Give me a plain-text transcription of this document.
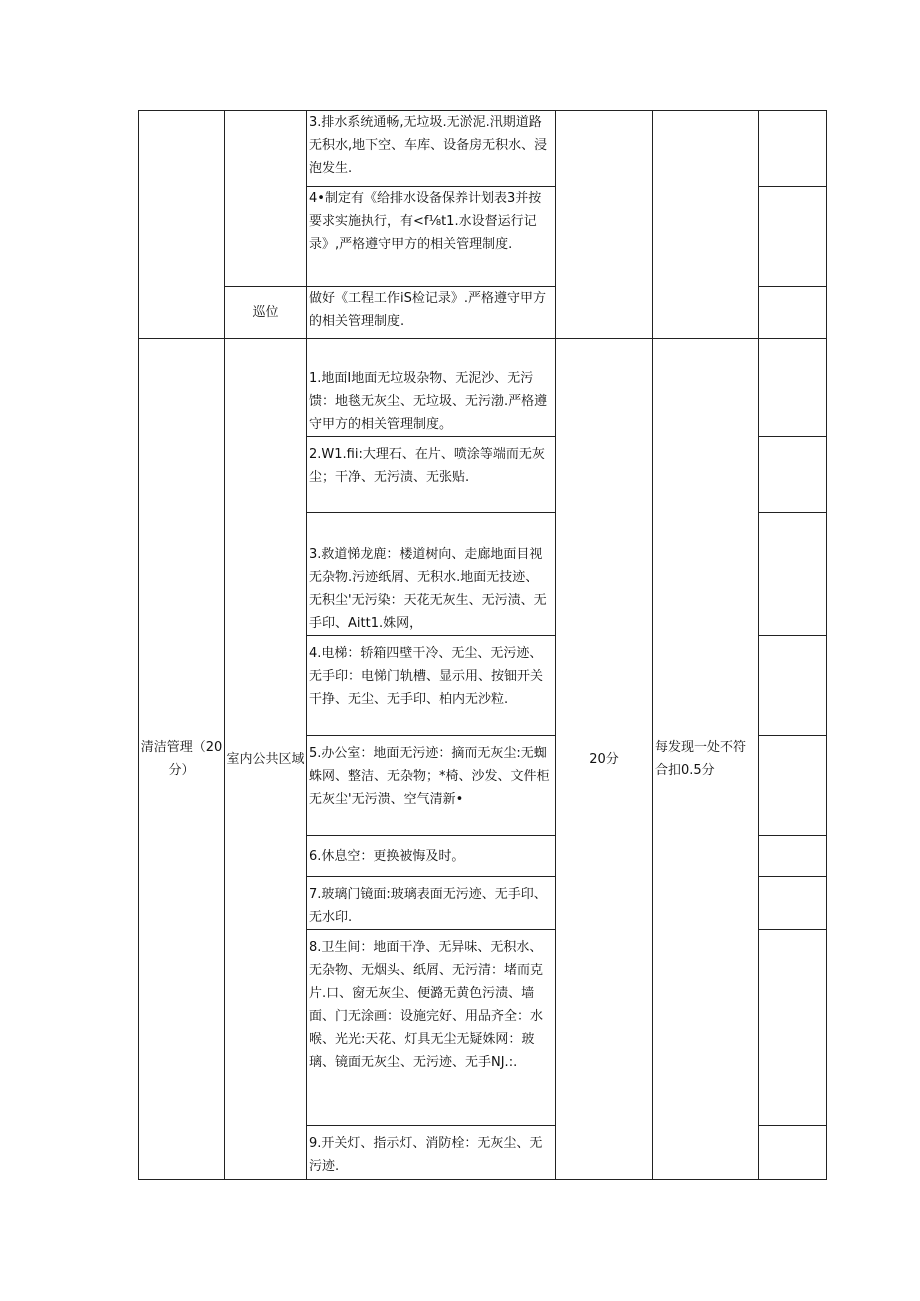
		3.排水系统通畅,无垃圾.无淤泥.汛期道路无积水,地下空、车库、设备房无积水、浸泡发生.			
		4•制定有《给排水设备保养计划表3并按要求实施执行，有<f⅛t1.水设督运行记录》,严格遵守甲方的相关管理制度.			
	巡位	做好《工程工作iS检记录》.严格遵守甲方的相关管理制度.			
清洁管理（20分）	室内公共区域	1.地面I地面无垃圾杂物、无泥沙、无污馈：地毯无灰尘、无垃圾、无污渤.严格遵守甲方的相关管理制度。	20分	每发现一处不符合扣0.5分	
		2.W1.fii:大理石、在片、喷涂等端而无灰尘；干净、无污渍、无张贴.			
		3.救道悌龙鹿：楼道树向、走廊地面目视无杂物.污迹纸屑、无积水.地面无技迹、无积尘'无污染：天花无灰生、无污渍、无手印、Aitt1.姝网，			
		4.电梯：轿箱四壁干冷、无尘、无污迹、无手印：电悌门轨槽、显示用、按钿开关干挣、无尘、无手印、柏内无沙粒.			
		5.办公室：地面无污迹：摘而无灰尘:无蜘蛛网、整洁、无杂物；*椅、沙发、文件柜无灰尘'无污溃、空气清新•			
		6.休息空：更换被悔及时。			
		7.玻璃门镜面:玻璃表面无污迹、无手印、无水印.			
		8.卫生间：地面干净、无异味、无积水、无杂物、无烟头、纸屑、无污清：堵而克片.口、窗无灰尘、便潞无黄色污渍、墙面、门无涂画：设施完好、用品齐全：水喉、光光:天花、灯具无尘无疑姝网：玻璃、镜面无灰尘、无污迹、无手NJ.:.			
		9.开关灯、指示灯、消防栓：无灰尘、无污迹.			
